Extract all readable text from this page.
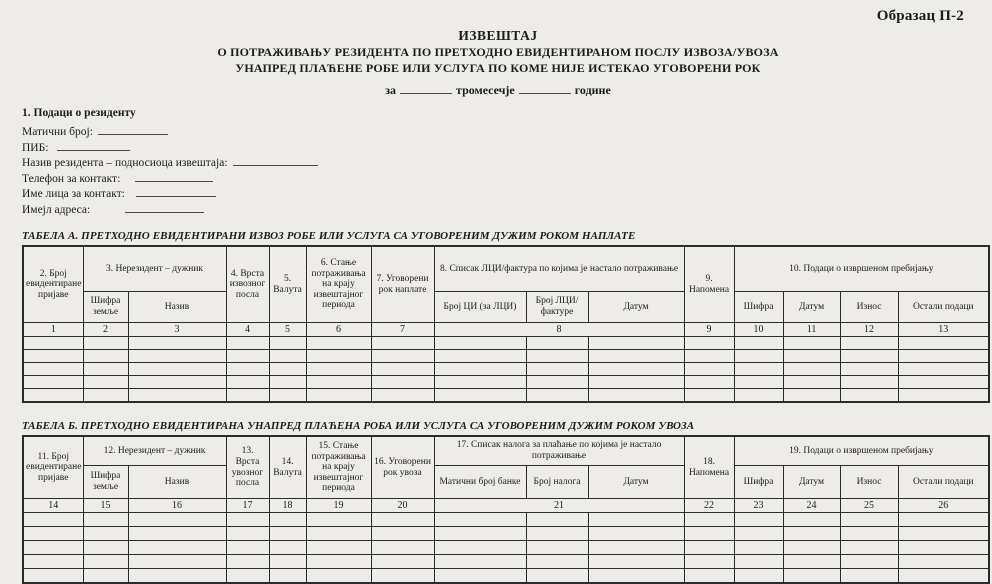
Образац П-2
ИЗВЕШТАЈ
О ПОТРАЖИВАЊУ РЕЗИДЕНТА ПО ПРЕТХОДНО ЕВИДЕНТИРАНОМ ПОСЛУ ИЗВОЗА/УВОЗА
УНАПРЕД ПЛАЋЕНЕ РОБЕ ИЛИ УСЛУГА ПО КОМЕ НИЈЕ ИСТЕКАО УГОВОРЕНИ РОК
за	тромесечје	године
1. Подаци о резиденту
Матични број:
ПИБ:
Назив резидента – подносиоца извештаја:
Телефон за контакт:
Име лица за контакт:
Имејл адреса:
ТАБЕЛА А. ПРЕТХОДНО ЕВИДЕНТИРАНИ ИЗВОЗ РОБЕ ИЛИ УСЛУГА СА УГОВОРЕНИМ ДУЖИМ РОКОМ НАПЛАТЕ
2. Број евидентиране пријаве	3. Нерезидент – дужник		4. Врста извозног посла	5. Валута	6. Стање потраживања на крају извештајног периода	7. Уговорени рок наплате	8. Списак ЛЦИ/фактура по којима је настало потраживање			9. Напомена	10. Подаци о извршеном пребијању			
	Шифра земље	Назив					Број ЦИ (за ЛЦИ)	Број ЛЦИ/фактуре	Датум		Шифра	Датум	Износ	Остали подаци
1	2	3	4	5	6	7	8			9	10	11	12	13

ТАБЕЛА Б. ПРЕТХОДНО ЕВИДЕНТИРАНА УНАПРЕД ПЛАЋЕНА РОБА ИЛИ УСЛУГА СА УГОВОРЕНИМ ДУЖИМ РОКОМ УВОЗА
11. Број евидентиране пријаве	12. Нерезидент – дужник		13. Врста увозног посла	14. Валута	15. Стање потраживања на крају извештајног периода	16. Уговорени рок увоза	17. Списак налога за плаћање по којима је настало потраживање			18. Напомена	19. Подаци о извршеном пребијању			
	Шифра земље	Назив					Матични број банке	Број налога	Датум		Шифра	Датум	Износ	Остали подаци
14	15	16	17	18	19	20	21			22	23	24	25	26
